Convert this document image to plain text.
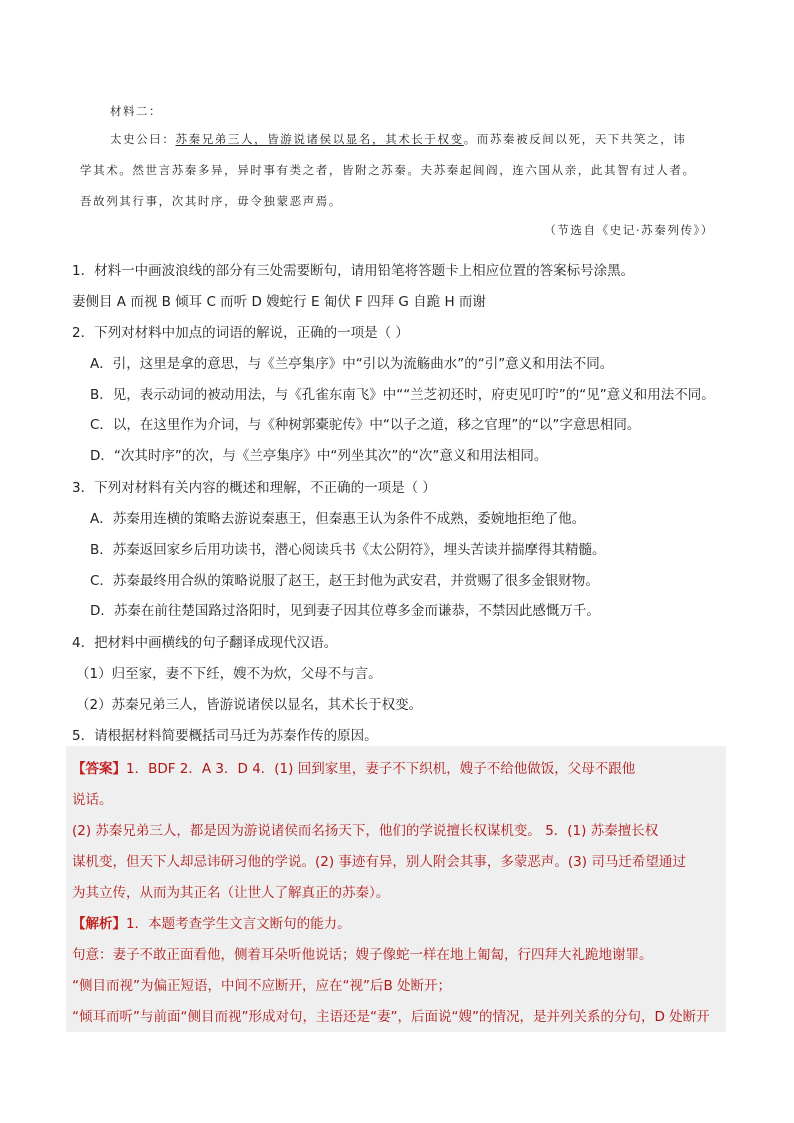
材料二：
太史公曰：苏秦兄弟三人，皆游说诸侯以显名，其术长于权变。而苏秦被反间以死，天下共笑之，讳
学其术。然世言苏秦多异，异时事有类之者，皆附之苏秦。夫苏秦起闾阎，连六国从亲，此其智有过人者。
吾故列其行事，次其时序，毋令独蒙恶声焉。
（节选自《史记·苏秦列传》）
1．材料一中画波浪线的部分有三处需要断句，请用铅笔将答题卡上相应位置的答案标号涂黑。
妻侧目 A 而视 B 倾耳 C 而听 D 嫂蛇行 E 匍伏 F 四拜 G 自跪 H 而谢
2．下列对材料中加点的词语的解说，正确的一项是（ ）
A．引，这里是拿的意思，与《兰亭集序》中“引以为流觞曲水”的“引”意义和用法不同。
B．见，表示动词的被动用法，与《孔雀东南飞》中““兰芝初还时，府吏见叮咛”的“见”意义和用法不同。
C．以，在这里作为介词，与《种树郭橐驼传》中“以子之道，移之官理”的“以”字意思相同。
D．“次其时序”的次，与《兰亭集序》中“列坐其次”的“次”意义和用法相同。
3．下列对材料有关内容的概述和理解，不正确的一项是（ ）
A．苏秦用连横的策略去游说秦惠王，但秦惠王认为条件不成熟，委婉地拒绝了他。
B．苏秦返回家乡后用功读书，潜心阅读兵书《太公阴符》，埋头苦读并揣摩得其精髓。
C．苏秦最终用合纵的策略说服了赵王，赵王封他为武安君，并赏赐了很多金银财物。
D．苏秦在前往楚国路过洛阳时，见到妻子因其位尊多金而谦恭，不禁因此感慨万千。
4．把材料中画横线的句子翻译成现代汉语。
（1）归至家，妻不下纴，嫂不为炊，父母不与言。
（2）苏秦兄弟三人，皆游说诸侯以显名，其术长于权变。
5．请根据材料简要概括司马迁为苏秦作传的原因。
【答案】1．BDF 2．A 3．D 4．(1) 回到家里，妻子不下织机，嫂子不给他做饭，父母不跟他
说话。
(2) 苏秦兄弟三人，都是因为游说诸侯而名扬天下，他们的学说擅长权谋机变。 5．(1) 苏秦擅长权
谋机变，但天下人却忌讳研习他的学说。(2) 事迹有异，别人附会其事，多蒙恶声。(3) 司马迁希望通过
为其立传，从而为其正名（让世人了解真正的苏秦）。
【解析】1．本题考查学生文言文断句的能力。
句意：妻子不敢正面看他，侧着耳朵听他说话；嫂子像蛇一样在地上匍匐，行四拜大礼跪地谢罪。
“侧目而视”为偏正短语，中间不应断开，应在“视”后B 处断开；
“倾耳而听”与前面“侧目而视”形成对句，主语还是“妻”，后面说“嫂”的情况，是并列关系的分句，D 处断开
